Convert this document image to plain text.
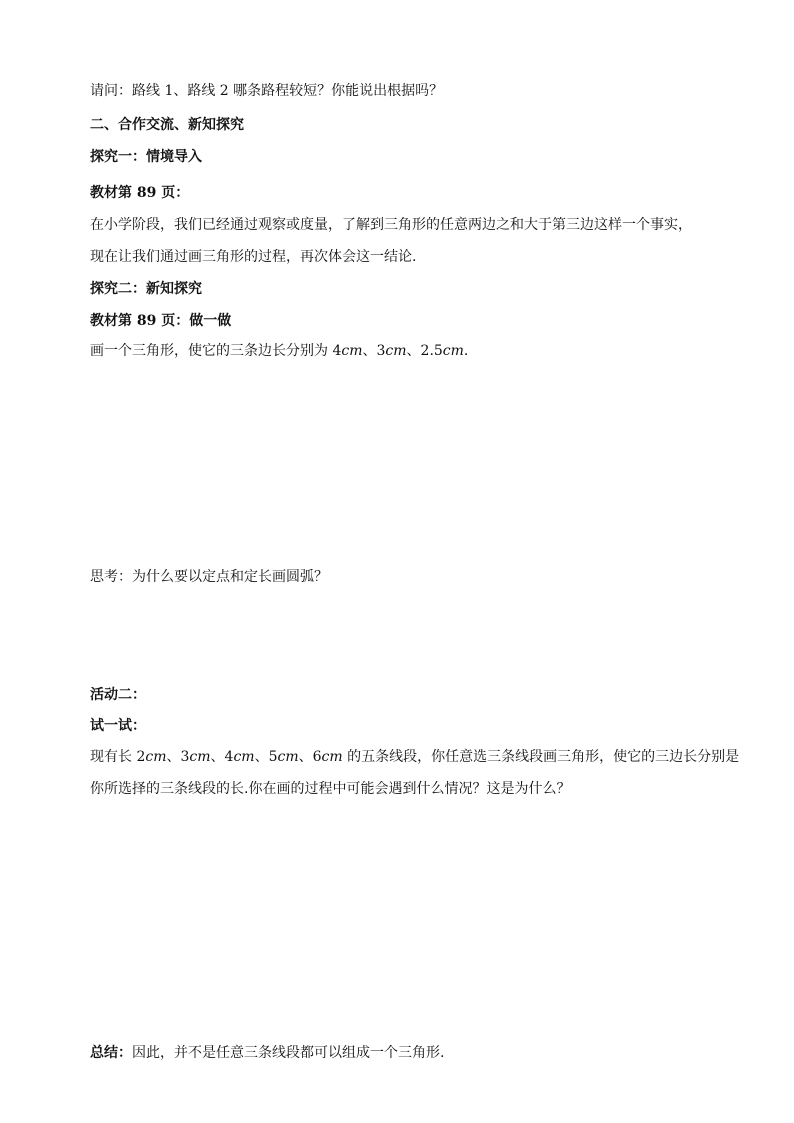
请问：路线 1、路线 2 哪条路程较短？你能说出根据吗？
二、合作交流、新知探究
探究一：情境导入
教材第 89 页：
在小学阶段，我们已经通过观察或度量，了解到三角形的任意两边之和大于第三边这样一个事实，
现在让我们通过画三角形的过程，再次体会这一结论.
探究二：新知探究
教材第 89 页：做一做
画一个三角形，使它的三条边长分别为 4cm、3cm、2.5cm.
思考：为什么要以定点和定长画圆弧？
活动二：
试一试：
现有长 2cm、3cm、4cm、5cm、6cm 的五条线段，你任意选三条线段画三角形，使它的三边长分别是
你所选择的三条线段的长.你在画的过程中可能会遇到什么情况？这是为什么？
总结：因此，并不是任意三条线段都可以组成一个三角形.
